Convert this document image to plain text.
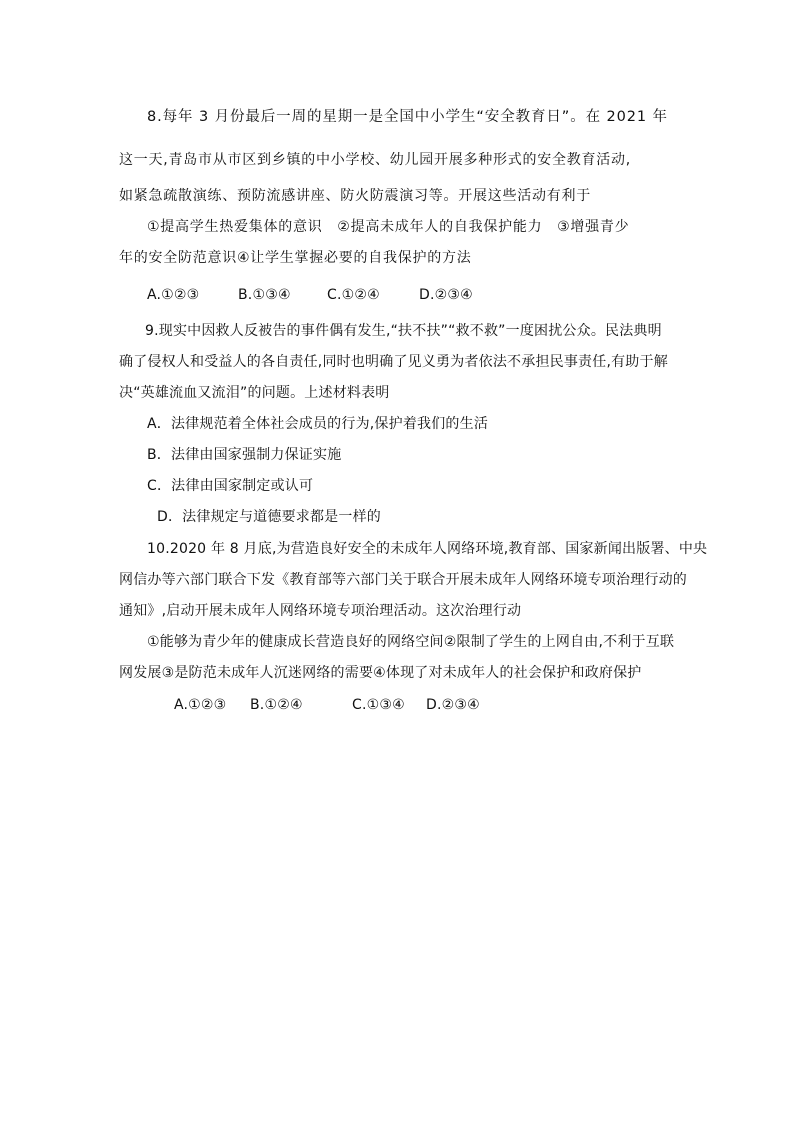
8.每年 3 月份最后一周的星期一是全国中小学生“安全教育日”。在 2021 年
这一天,青岛市从市区到乡镇的中小学校、幼儿园开展多种形式的安全教育活动,
如紧急疏散演练、预防流感讲座、防火防震演习等。开展这些活动有利于
①提高学生热爱集体的意识　②提高未成年人的自我保护能力　③增强青少
年的安全防范意识④让学生掌握必要的自我保护的方法
A.①②③	B.①③④	C.①②④	D.②③④
9.现实中因救人反被告的事件偶有发生,“扶不扶”“救不救”一度困扰公众。民法典明
确了侵权人和受益人的各自责任,同时也明确了见义勇为者依法不承担民事责任,有助于解
决“英雄流血又流泪”的问题。上述材料表明
A．法律规范着全体社会成员的行为,保护着我们的生活
B．法律由国家强制力保证实施
C．法律由国家制定或认可
D．法律规定与道德要求都是一样的
10.2020 年 8 月底,为营造良好安全的未成年人网络环境,教育部、国家新闻出版署、中央
网信办等六部门联合下发《教育部等六部门关于联合开展未成年人网络环境专项治理行动的
通知》,启动开展未成年人网络环境专项治理活动。这次治理行动
①能够为青少年的健康成长营造良好的网络空间②限制了学生的上网自由,不利于互联
网发展③是防范未成年人沉迷网络的需要④体现了对未成年人的社会保护和政府保护
A.①②③ B.①②④	C.①③④ D.②③④
